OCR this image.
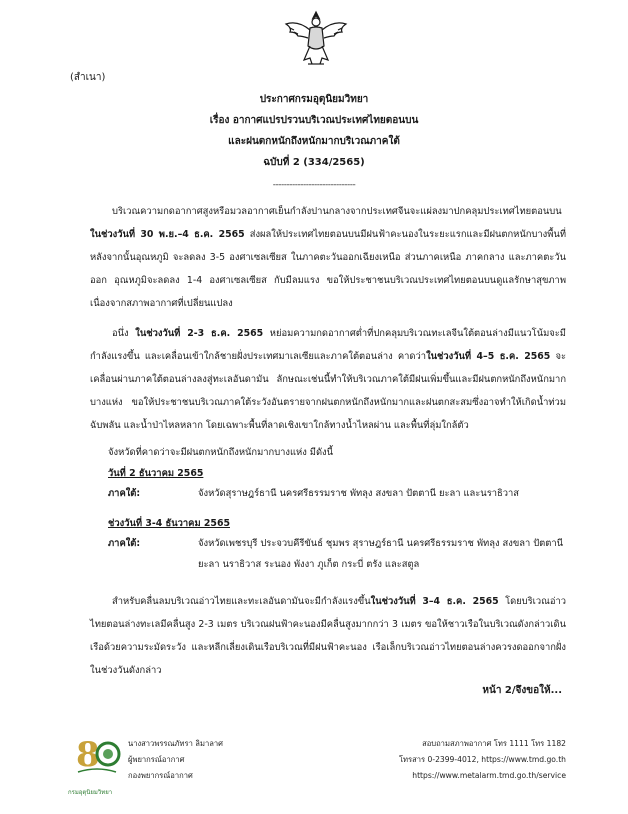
(สำเนา)
ประกาศกรมอุตุนิยมวิทยา
เรื่อง อากาศแปรปรวนบริเวณประเทศไทยตอนบน
และฝนตกหนักถึงหนักมากบริเวณภาคใต้
ฉบับที่ 2 (334/2565)
------------------------------
บริเวณความกดอากาศสูงหรือมวลอากาศเย็นกำลังปานกลางจากประเทศจีนจะแผ่ลงมาปกคลุมประเทศไทยตอนบนในช่วงวันที่ 30 พ.ย.–4 ธ.ค. 2565 ส่งผลให้ประเทศไทยตอนบนมีฝนฟ้าคะนองในระยะแรกและมีฝนตกหนักบางพื้นที่ หลังจากนั้นอุณหภูมิ จะลดลง 3-5 องศาเซลเซียส ในภาคตะวันออกเฉียงเหนือ ส่วนภาคเหนือ ภาคกลาง และภาคตะวันออก อุณหภูมิจะลดลง 1-4 องศาเซลเซียส กับมีลมแรง ขอให้ประชาชนบริเวณประเทศไทยตอนบนดูแลรักษาสุขภาพเนื่องจากสภาพอากาศที่เปลี่ยนแปลง
อนึ่ง ในช่วงวันที่ 2-3 ธ.ค. 2565 หย่อมความกดอากาศต่ำที่ปกคลุมบริเวณทะเลจีนใต้ตอนล่างมีแนวโน้มจะมีกำลังแรงขึ้น และเคลื่อนเข้าใกล้ชายฝั่งประเทศมาเลเซียและภาคใต้ตอนล่าง คาดว่าในช่วงวันที่ 4–5 ธ.ค. 2565 จะเคลื่อนผ่านภาคใต้ตอนล่างลงสู่ทะเลอันดามัน ลักษณะเช่นนี้ทำให้บริเวณภาคใต้มีฝนเพิ่มขึ้นและมีฝนตกหนักถึงหนักมากบางแห่ง ขอให้ประชาชนบริเวณภาคใต้ระวังอันตรายจากฝนตกหนักถึงหนักมากและฝนตกสะสมซึ่งอาจทำให้เกิดน้ำท่วมฉับพลัน และน้ำป่าไหลหลาก โดยเฉพาะพื้นที่ลาดเชิงเขาใกล้ทางน้ำไหลผ่าน และพื้นที่ลุ่มใกล้ตัว
จังหวัดที่คาดว่าจะมีฝนตกหนักถึงหนักมากบางแห่ง มีดังนี้
วันที่ 2 ธันวาคม 2565
ภาคใต้:	จังหวัดสุราษฎร์ธานี นครศรีธรรมราช พัทลุง สงขลา ปัตตานี ยะลา และนราธิวาส
ช่วงวันที่ 3-4 ธันวาคม 2565
ภาคใต้:	จังหวัดเพชรบุรี ประจวบคีรีขันธ์ ชุมพร สุราษฎร์ธานี นครศรีธรรมราช พัทลุง สงขลา ปัตตานี ยะลา นราธิวาส ระนอง พังงา ภูเก็ต กระบี่ ตรัง และสตูล
สำหรับคลื่นลมบริเวณอ่าวไทยและทะเลอันดามันจะมีกำลังแรงขึ้นในช่วงวันที่ 3–4 ธ.ค. 2565 โดยบริเวณอ่าวไทยตอนล่างทะเลมีคลื่นสูง 2-3 เมตร บริเวณฝนฟ้าคะนองมีคลื่นสูงมากกว่า 3 เมตร ขอให้ชาวเรือในบริเวณดังกล่าวเดินเรือด้วยความระมัดระวัง และหลีกเลี่ยงเดินเรือบริเวณที่มีฝนฟ้าคะนอง เรือเล็กบริเวณอ่าวไทยตอนล่างควรงดออกจากฝั่งในช่วงวันดังกล่าว
หน้า 2/จึงขอให้...
8
กรมอุตุนิยมวิทยา
นางสาวพรรณภัทรา ลิมาลาศ
ผู้พยากรณ์อากาศ
กองพยากรณ์อากาศ
สอบถามสภาพอากาศ โทร 1111 โทร 1182
โทรสาร 0-2399-4012, https://www.tmd.go.th
https://www.metalarm.tmd.go.th/service
